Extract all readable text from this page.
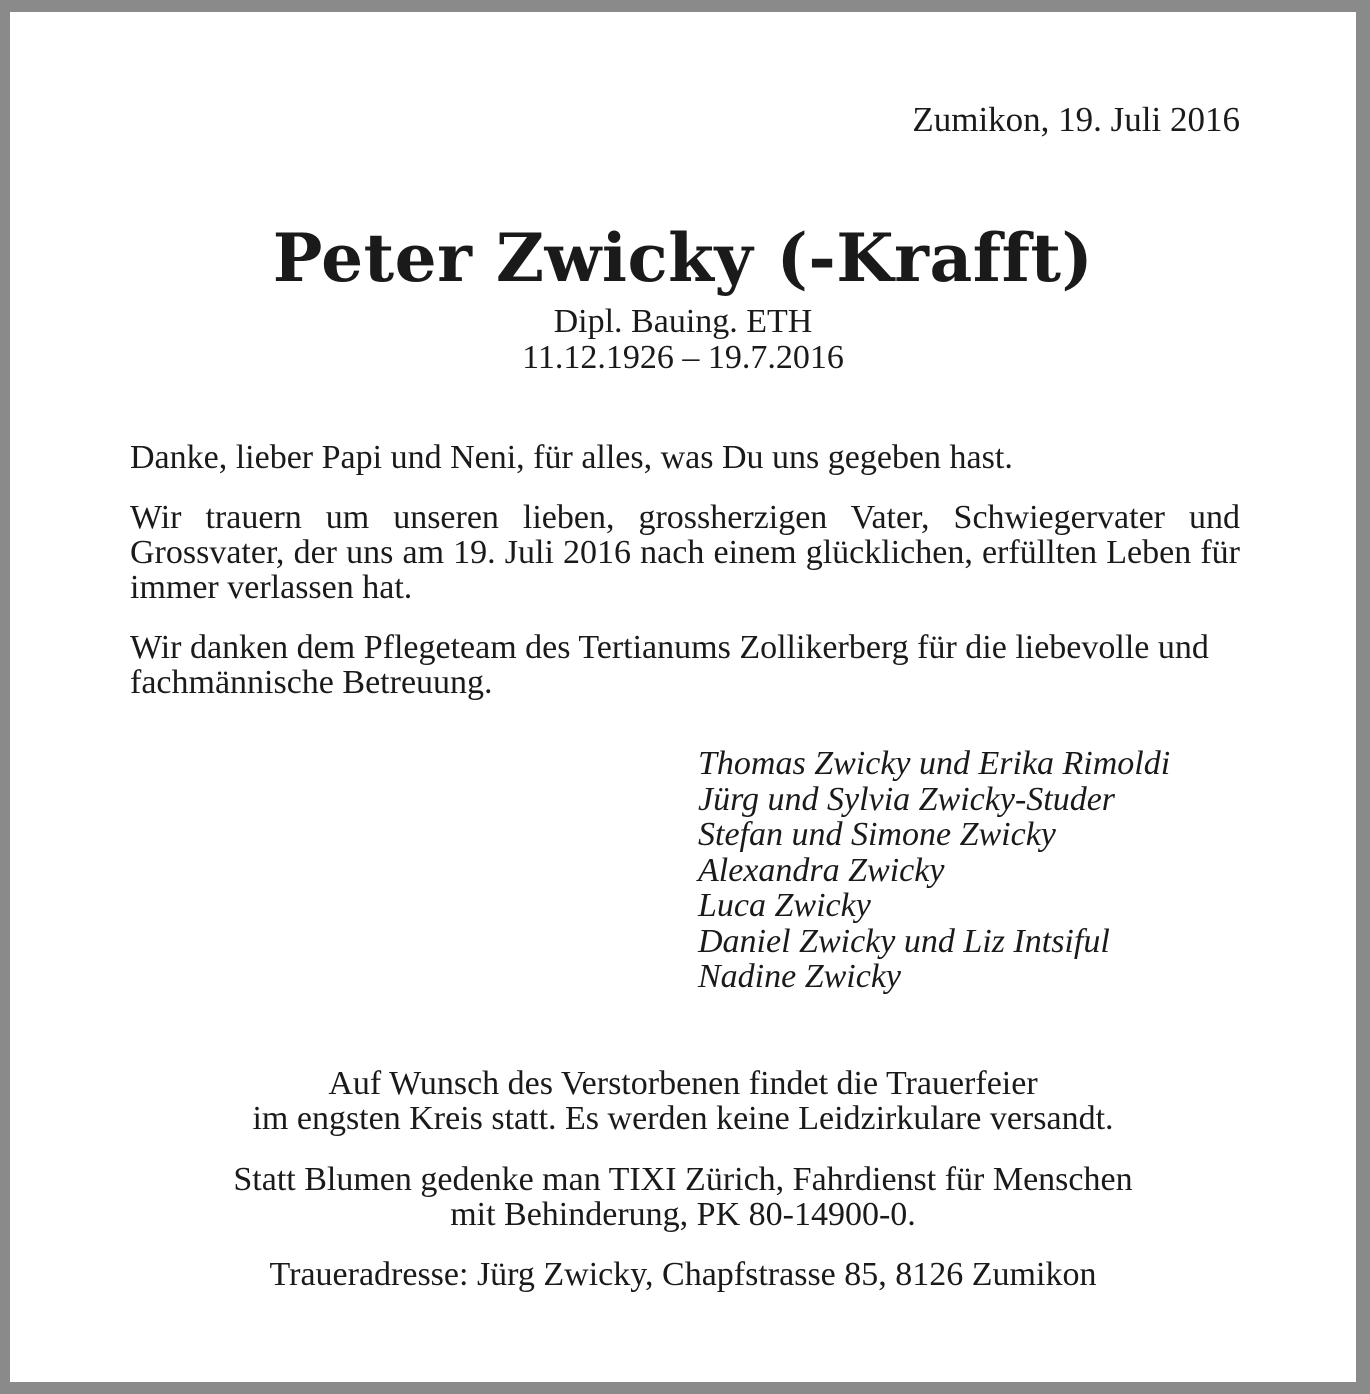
Zumikon, 19. Juli 2016
Peter Zwicky (-Krafft)
Dipl. Bauing. ETH
11.12.1926 – 19.7.2016

Danke, lieber Papi und Neni, für alles, was Du uns gegeben hast.

Wir trauern um unseren lieben, grossherzigen Vater, Schwiegervater und Grossvater, der uns am 19. Juli 2016 nach einem glücklichen, erfüllten Leben für immer verlassen hat.

Wir danken dem Pflegeteam des Tertianums Zollikerberg für die liebevolle und fachmännische Betreuung.

Thomas Zwicky und Erika Rimoldi
Jürg und Sylvia Zwicky-Studer
Stefan und Simone Zwicky
Alexandra Zwicky
Luca Zwicky
Daniel Zwicky und Liz Intsiful
Nadine Zwicky

Auf Wunsch des Verstorbenen findet die Trauerfeier
im engsten Kreis statt. Es werden keine Leidzirkulare versandt.

Statt Blumen gedenke man TIXI Zürich, Fahrdienst für Menschen
mit Behinderung, PK 80-14900-0.

Traueradresse: Jürg Zwicky, Chapfstrasse 85, 8126 Zumikon
